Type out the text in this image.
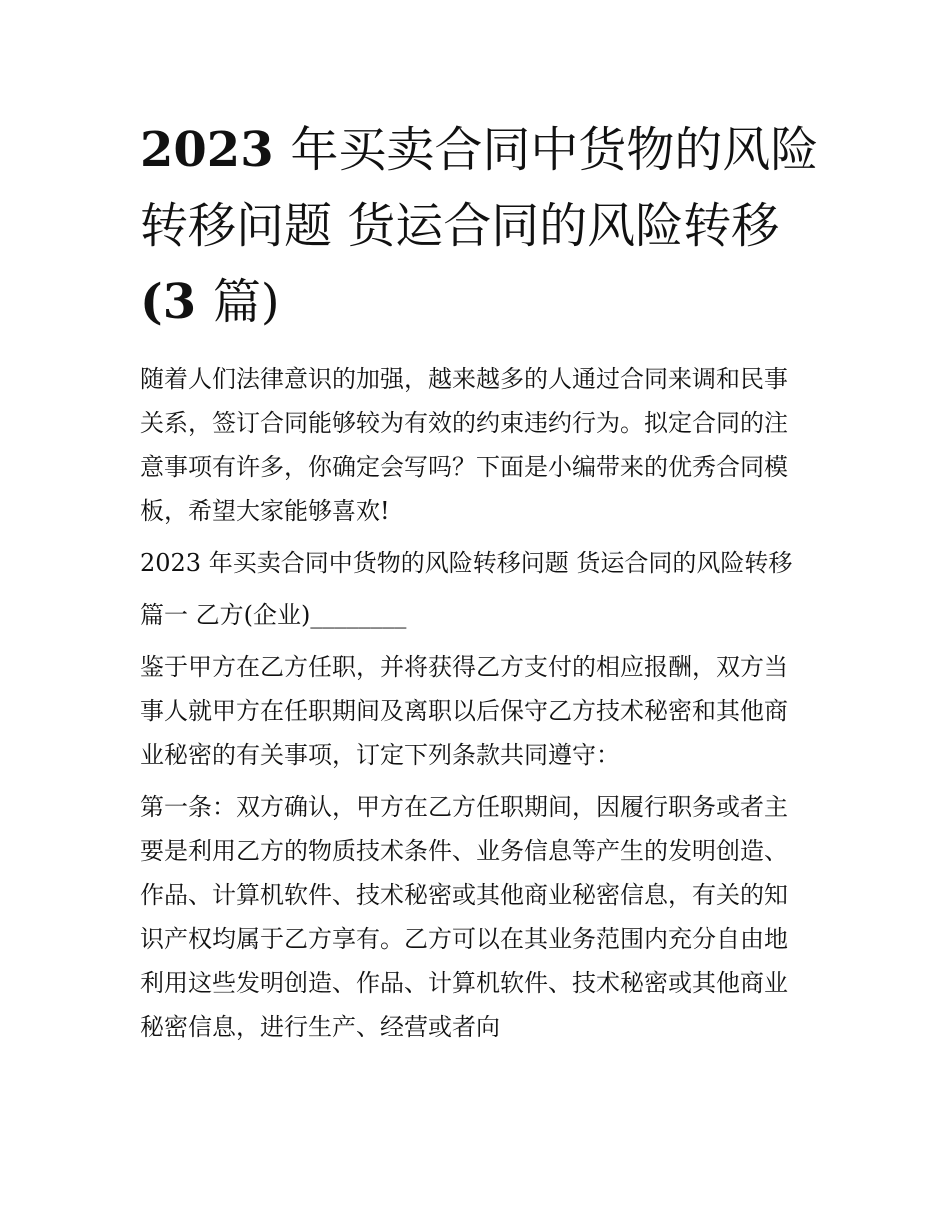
2023 年买卖合同中货物的风险
转移问题 货运合同的风险转移
(3 篇)
随着人们法律意识的加强，越来越多的人通过合同来调和民事
关系，签订合同能够较为有效的约束违约行为。拟定合同的注
意事项有许多，你确定会写吗？下面是小编带来的优秀合同模
板，希望大家能够喜欢!
2023 年买卖合同中货物的风险转移问题 货运合同的风险转移
篇一 乙方(企业)________
鉴于甲方在乙方任职，并将获得乙方支付的相应报酬，双方当
事人就甲方在任职期间及离职以后保守乙方技术秘密和其他商
业秘密的有关事项，订定下列条款共同遵守：
第一条：双方确认，甲方在乙方任职期间，因履行职务或者主
要是利用乙方的物质技术条件、业务信息等产生的发明创造、
作品、计算机软件、技术秘密或其他商业秘密信息，有关的知
识产权均属于乙方享有。乙方可以在其业务范围内充分自由地
利用这些发明创造、作品、计算机软件、技术秘密或其他商业
秘密信息，进行生产、经营或者向
